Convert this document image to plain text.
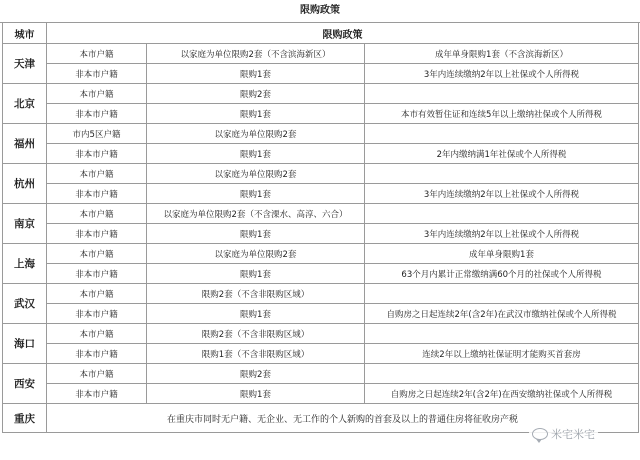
限购政策
城市	限购政策		
天津	本市户籍	以家庭为单位限购2套（不含滨海新区）	成年单身限购1套（不含滨海新区）
	非本市户籍	限购1套	3年内连续缴纳2年以上社保或个人所得税
北京	本市户籍	限购2套	
	非本市户籍	限购1套	本市有效暂住证和连续5年以上缴纳社保或个人所得税
福州	市内5区户籍	以家庭为单位限购2套	
	非本市户籍	限购1套	2年内缴纳满1年社保或个人所得税
杭州	本市户籍	以家庭为单位限购2套	
	非本市户籍	限购1套	3年内连续缴纳2年以上社保或个人所得税
南京	本市户籍	以家庭为单位限购2套（不含溧水、高淳、六合）	
	非本市户籍	限购1套	3年内连续缴纳2年以上社保或个人所得税
上海	本市户籍	以家庭为单位限购2套	成年单身限购1套
	非本市户籍	限购1套	63个月内累计正常缴纳满60个月的社保或个人所得税
武汉	本市户籍	限购2套（不含非限购区域）	
	非本市户籍	限购1套	自购房之日起连续2年(含2年)在武汉市缴纳社保或个人所得税
海口	本市户籍	限购2套（不含非限购区域）	
	非本市户籍	限购1套（不含非限购区域）	连续2年以上缴纳社保证明才能购买首套房
西安	本市户籍	限购2套	
	非本市户籍	限购1套	自购房之日起连续2年(含2年)在西安缴纳社保或个人所得税
重庆	在重庆市同时无户籍、无企业、无工作的个人新购的首套及以上的普通住房将征收房产税		
米宅米宅
